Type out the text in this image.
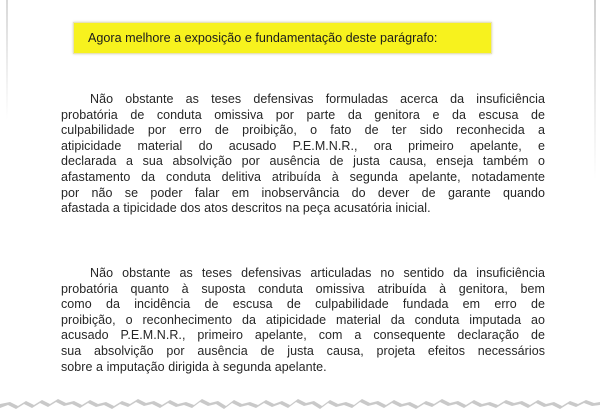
Agora melhore a exposição e fundamentação deste parágrafo:
Não obstante as teses defensivas formuladas acerca da insuficiência
probatória de conduta omissiva por parte da genitora e da escusa de
culpabilidade por erro de proibição, o fato de ter sido reconhecida a
atipicidade material do acusado P.E.M.N.R., ora primeiro apelante, e
declarada a sua absolvição por ausência de justa causa, enseja também o
afastamento da conduta delitiva atribuída à segunda apelante, notadamente
por não se poder falar em inobservância do dever de garante quando
afastada a tipicidade dos atos descritos na peça acusatória inicial.
Não obstante as teses defensivas articuladas no sentido da insuficiência
probatória quanto à suposta conduta omissiva atribuída à genitora, bem
como da incidência de escusa de culpabilidade fundada em erro de
proibição, o reconhecimento da atipicidade material da conduta imputada ao
acusado P.E.M.N.R., primeiro apelante, com a consequente declaração de
sua absolvição por ausência de justa causa, projeta efeitos necessários
sobre a imputação dirigida à segunda apelante.
